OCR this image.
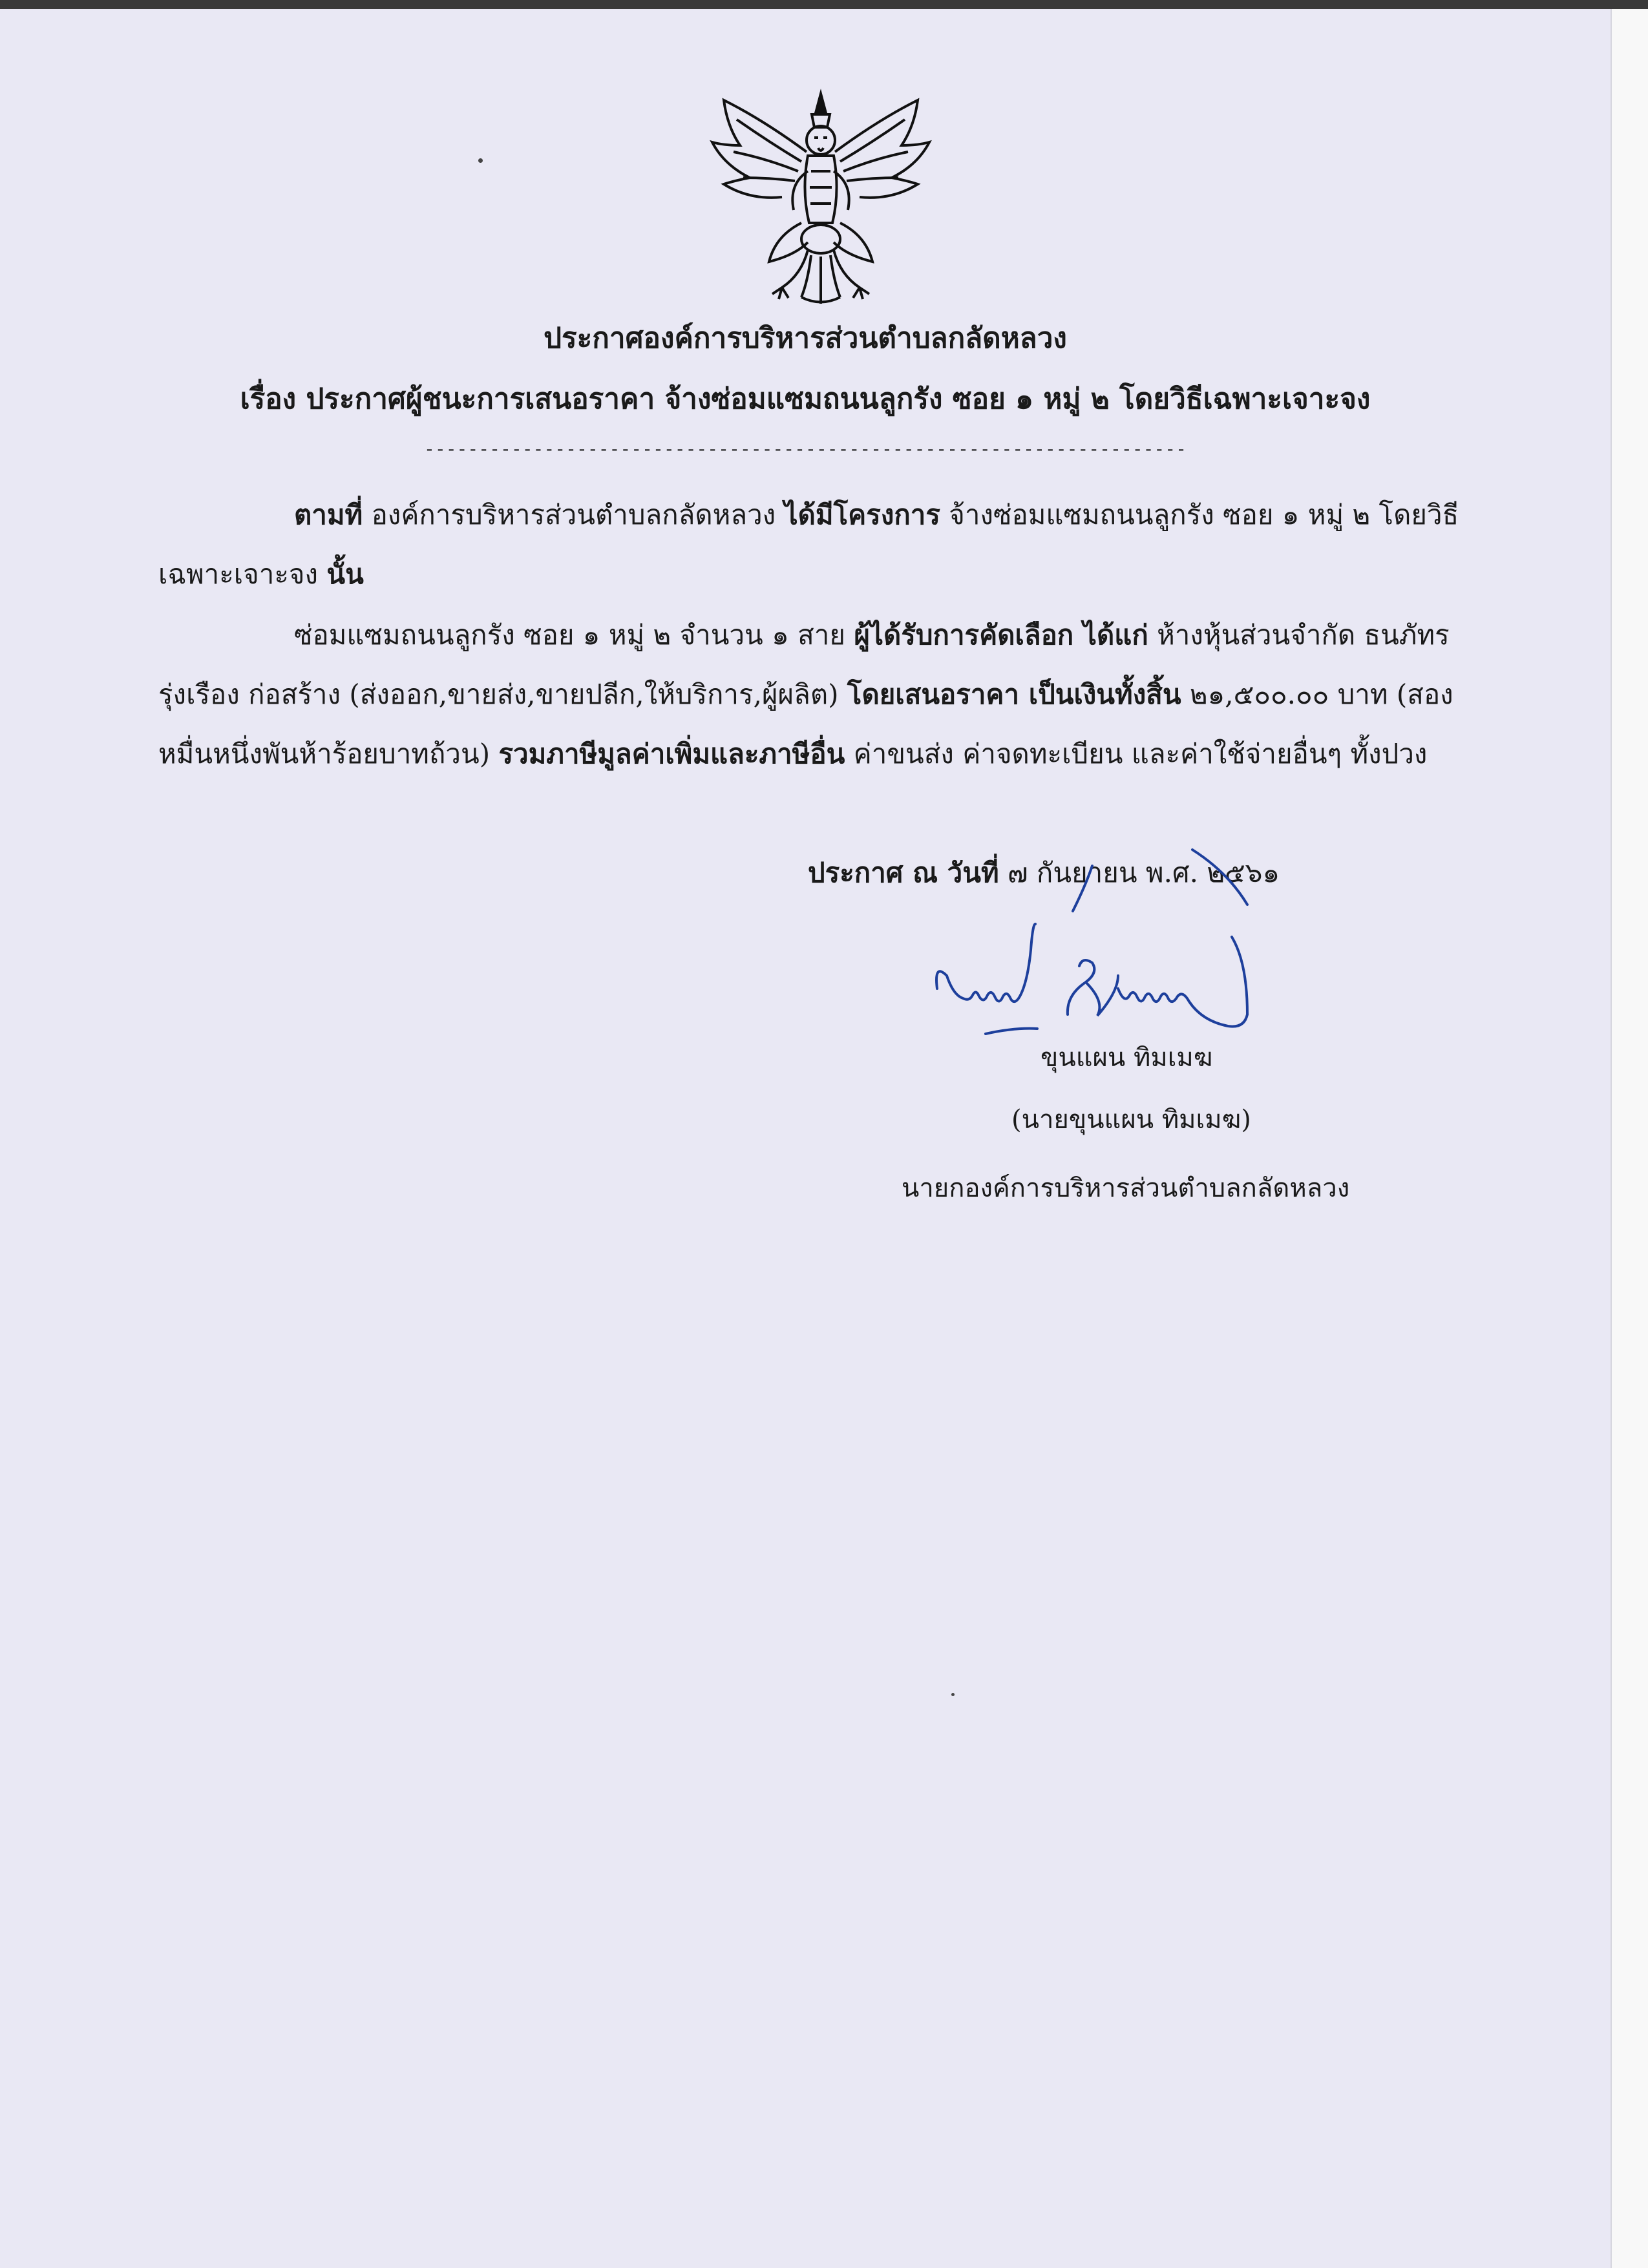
ประกาศองค์การบริหารส่วนตำบลกลัดหลวง
เรื่อง ประกาศผู้ชนะการเสนอราคา จ้างซ่อมแซมถนนลูกรัง ซอย ๑ หมู่ ๒ โดยวิธีเฉพาะเจาะจง
----------------------------------------------------------------------
ตามที่ องค์การบริหารส่วนตำบลกลัดหลวง ได้มีโครงการ จ้างซ่อมแซมถนนลูกรัง ซอย ๑ หมู่ ๒ โดยวิธี
เฉพาะเจาะจง นั้น
ซ่อมแซมถนนลูกรัง ซอย ๑ หมู่ ๒ จำนวน ๑ สาย ผู้ได้รับการคัดเลือก ได้แก่ ห้างหุ้นส่วนจำกัด ธนภัทร
รุ่งเรือง ก่อสร้าง (ส่งออก,ขายส่ง,ขายปลีก,ให้บริการ,ผู้ผลิต) โดยเสนอราคา เป็นเงินทั้งสิ้น ๒๑,๕๐๐.๐๐ บาท (สอง
หมื่นหนึ่งพันห้าร้อยบาทถ้วน) รวมภาษีมูลค่าเพิ่มและภาษีอื่น ค่าขนส่ง ค่าจดทะเบียน และค่าใช้จ่ายอื่นๆ ทั้งปวง
ประกาศ ณ วันที่ ๗ กันยายน พ.ศ. ๒๕๖๑
ขุนแผน ทิมเมฆ
(นายขุนแผน ทิมเมฆ)
นายกองค์การบริหารส่วนตำบลกลัดหลวง
